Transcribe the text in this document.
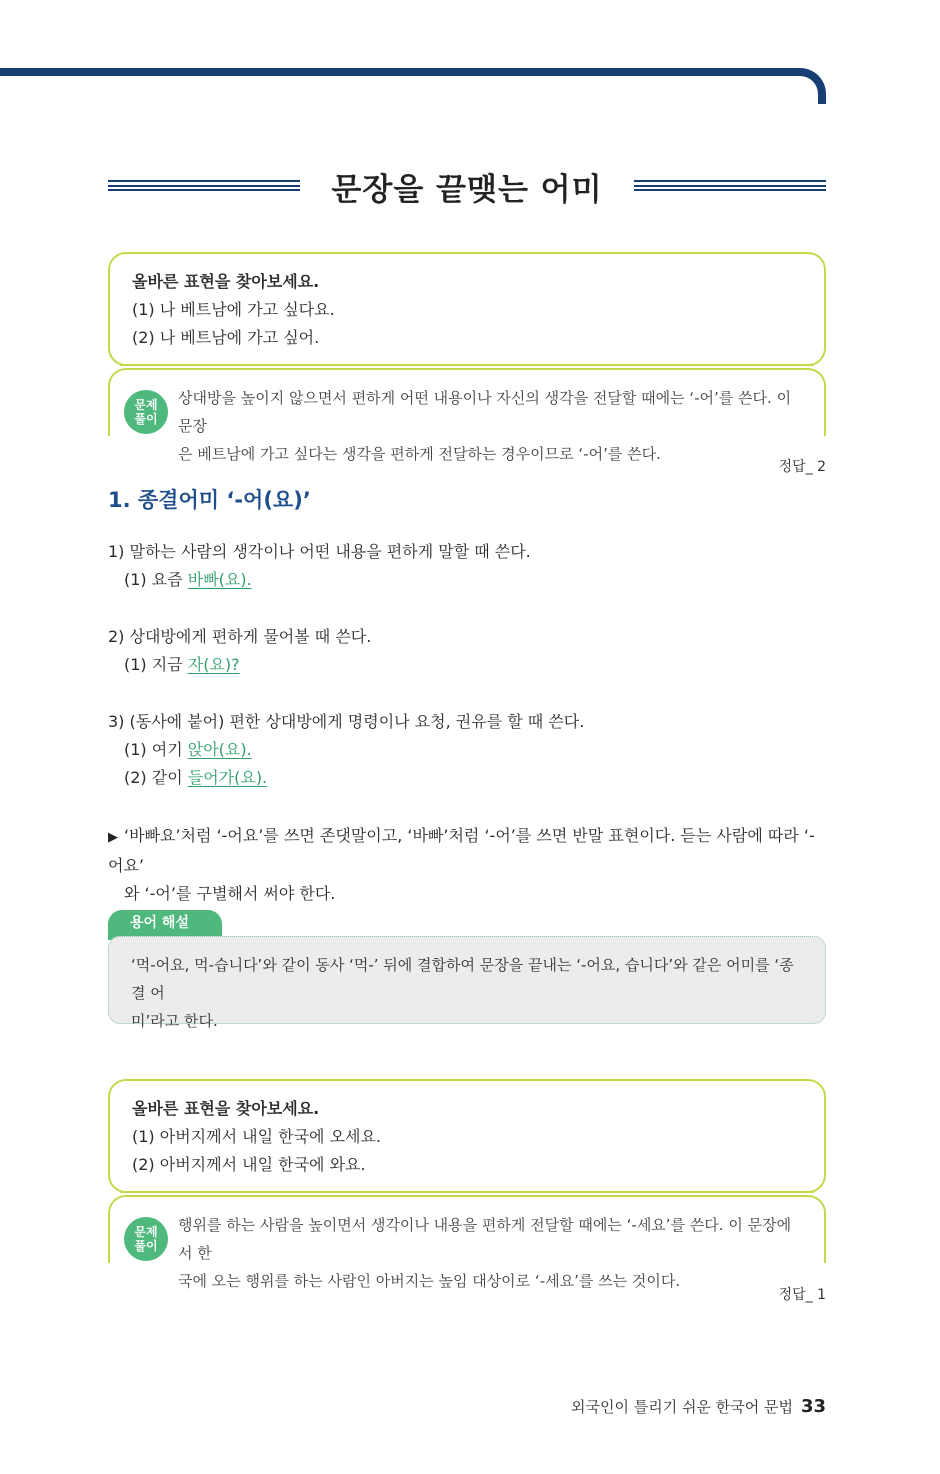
문장을 끝맺는 어미

올바른 표현을 찾아보세요.

(1) 나 베트남에 가고 싶다요.

(2) 나 베트남에 가고 싶어.

문제
풀이

상대방을 높이지 않으면서 편하게 어떤 내용이나 자신의 생각을 전달할 때에는 ‘-어’를 쓴다. 이 문장
은 베트남에 가고 싶다는 생각을 편하게 전달하는 경우이므로 ‘-어’를 쓴다.

정답_ 2
1. 종결어미 ‘-어(요)’

1) 말하는 사람의 생각이나 어떤 내용을 편하게 말할 때 쓴다.

(1) 요즘 바빠(요).

2) 상대방에게 편하게 물어볼 때 쓴다.

(1) 지금 자(요)?

3) (동사에 붙어) 편한 상대방에게 명령이나 요청, 권유를 할 때 쓴다.

(1) 여기 앉아(요).

(2) 같이 들어가(요).

▶ ‘바빠요’처럼 ‘-어요’를 쓰면 존댓말이고, ‘바빠’처럼 ‘-어’를 쓰면 반말 표현이다. 듣는 사람에 따라 ‘-어요’
와 ‘-어’를 구별해서 써야 한다.

용어 해설

‘먹-어요, 먹-습니다’와 같이 동사 ‘먹-’ 뒤에 결합하여 문장을 끝내는 ‘-어요, 습니다’와 같은 어미를 ‘종결 어

미’라고 한다.

올바른 표현을 찾아보세요.

(1) 아버지께서 내일 한국에 오세요.

(2) 아버지께서 내일 한국에 와요.

문제
풀이

행위를 하는 사람을 높이면서 생각이나 내용을 편하게 전달할 때에는 ‘-세요’를 쓴다. 이 문장에서 한
국에 오는 행위를 하는 사람인 아버지는 높임 대상이로 ‘-세요’를 쓰는 것이다.

정답_ 1
외국인이 틀리기 쉬운 한국어 문법 33
